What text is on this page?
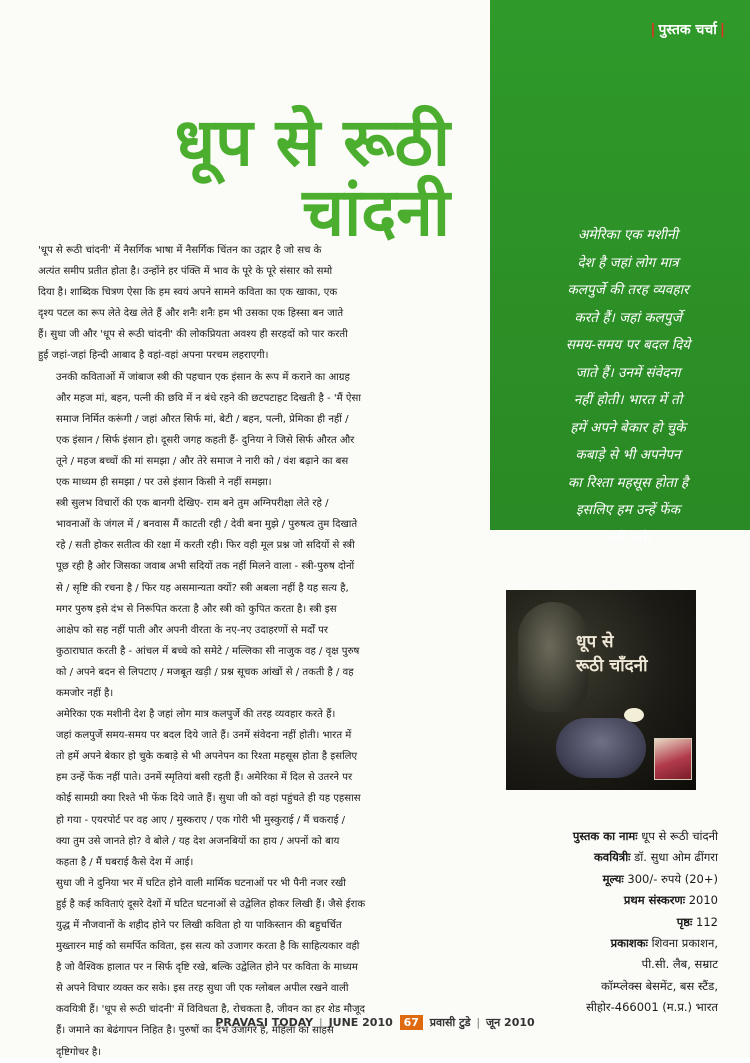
| पुस्तक चर्चा |
अमेरिका एक मशीनी
देश है जहां लोग मात्र
कलपुर्जे की तरह व्यवहार
करते हैं। जहां कलपुर्जे
समय-समय पर बदल दिये
जाते हैं। उनमें संवेदना
नहीं होती। भारत में तो
हमें अपने बेकार हो चुके
कबाड़े से भी अपनेपन
का रिश्ता महसूस होता है
इसलिए हम उन्हें फेंक
नहीं पाते।
धूप से रूठी
चांदनी

'धूप से रूठी चांदनी' में नैसर्गिक भाषा में नैसर्गिक चिंतन का उद्गार है जो सच के
अत्यंत समीप प्रतीत होता है। उन्होंने हर पंक्ति में भाव के पूरे के पूरे संसार को समो
दिया है। शाब्दिक चित्रण ऐसा कि हम स्वयं अपने सामने कविता का एक खाका, एक
दृश्य पटल का रूप लेते देख लेते हैं और शनैः शनैः हम भी उसका एक हिस्सा बन जाते
हैं। सुधा जी और 'धूप से रूठी चांदनी' की लोकप्रियता अवश्य ही सरहदों को पार करती
हुई जहां-जहां हिन्दी आबाद है वहां-वहां अपना परचम लहराएगी।

उनकी कविताओं में जांबाज स्त्री की पहचान एक इंसान के रूप में कराने का आग्रह
और महज मां, बहन, पत्नी की छवि में न बंधे रहने की छटपटाहट दिखती है - 'मैं ऐसा
समाज निर्मित करूंगी / जहां औरत सिर्फ मां, बेटी / बहन, पत्नी, प्रेमिका ही नहीं /
एक इंसान / सिर्फ इंसान हो। दूसरी जगह कहती हैं- दुनिया ने जिसे सिर्फ औरत और
तूने / महज बच्चों की मां समझा / और तेरे समाज ने नारी को / वंश बढ़ाने का बस
एक माध्यम ही समझा / पर उसे इंसान किसी ने नहीं समझा।

स्त्री सुलभ विचारों की एक बानगी देखिए- राम बने तुम अग्निपरीक्षा लेते रहे /
भावनाओं के जंगल में / बनवास मैं काटती रही / देवी बना मुझे / पुरुषत्व तुम दिखाते
रहे / सती होकर सतीत्व की रक्षा में करती रही। फिर वही मूल प्रश्न जो सदियों से स्त्री
पूछ रही है ओर जिसका जवाब अभी सदियों तक नहीं मिलने वाला - स्त्री-पुरुष दोनों
से / सृष्टि की रचना है / फिर यह असमान्यता क्यों? स्त्री अबला नहीं है यह सत्य है,
मगर पुरुष इसे दंभ से निरूपित करता है और स्त्री को कुपित करता है। स्त्री इस
आक्षेप को सह नहीं पाती और अपनी वीरता के नए-नए उदाहरणों से मर्दों पर
कुठाराघात करती है - आंचल में बच्चे को समेटे / मल्लिका सी नाजुक वह / वृक्ष पुरुष
को / अपने बदन से लिपटाए / मजबूत खड़ी / प्रश्न सूचक आंखों से / तकती है / वह
कमजोर नहीं है।

अमेरिका एक मशीनी देश है जहां लोग मात्र कलपुर्जे की तरह व्यवहार करते हैं।
जहां कलपुर्जे समय-समय पर बदल दिये जाते हैं। उनमें संवेदना नहीं होती। भारत में
तो हमें अपने बेकार हो चुके कबाड़े से भी अपनेपन का रिश्ता महसूस होता है इसलिए
हम उन्हें फेंक नहीं पाते। उनमें स्मृतियां बसी रहती हैं। अमेरिका में दिल से उतरने पर
कोई सामग्री क्या रिश्ते भी फेंक दिये जाते हैं। सुधा जी को वहां पहुंचते ही यह एहसास
हो गया - एयरपोर्ट पर वह आए / मुस्कराए / एक गोरी भी मुस्कुराई / मैं चकराई /
क्या तुम उसे जानते हो? वे बोले / यह देश अजनबियों का हाय / अपनों को बाय
कहता है / मैं घबराई कैसे देश में आई।

सुधा जी ने दुनिया भर में घटित होने वाली मार्मिक घटनाओं पर भी पैनी नजर रखी
हुई है कई कविताएं दूसरे देशों में घटित घटनाओं से उद्वेलित होकर लिखी हैं। जैसे ईराक
युद्ध में नौजवानों के शहीद होने पर लिखी कविता हो या पाकिस्तान की बहुचर्चित
मुख्तारन माई को समर्पित कविता, इस सत्य को उजागर करता है कि साहित्यकार वही
है जो वैश्विक हालात पर न सिर्फ दृष्टि रखे, बल्कि उद्वेलित होने पर कविता के माध्यम
से अपने विचार व्यक्त कर सके। इस तरह सुधा जी एक ग्लोबल अपील रखने वाली
कवयित्री हैं। 'धूप से रूठी चांदनी' में विविधता है, रोचकता है, जीवन का हर शेड मौजूद
हैं। जमाने का बेढंगापन निहित है। पुरुषों का दंभ उजागर है, महिला का साहस
दृष्टिगोचर है।

धूप से
रूठी चाँदनी
पुस्तक का नामः धूप से रूठी चांदनी
कवयित्रीः डॉ. सुधा ओम ढींगरा
मूल्यः 300/- रुपये (20+)
प्रथम संस्करणः 2010
पृष्ठः 112
प्रकाशकः शिवना प्रकाशन,
पी.सी. लैब, सम्राट
कॉम्प्लेक्स बेसमेंट, बस स्टैंड,
सीहोर-466001 (म.प्र.) भारत
PRAVASI TODAY | JUNE 2010 67 प्रवासी टुडे | जून 2010
